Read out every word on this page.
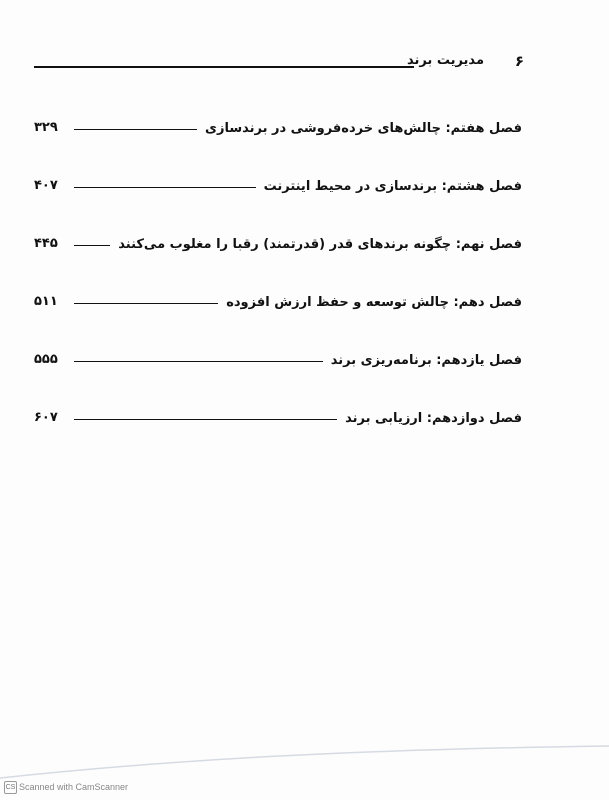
۶
مدیریت برند
فصل هفتم: چالش‌های خرده‌فروشی در برندسازی
۳۲۹
فصل هشتم: برندسازی در محیط اینترنت
۴۰۷
فصل نهم: چگونه برندهای قدر (قدرتمند) رقبا را مغلوب می‌کنند
۴۴۵
فصل دهم: چالش توسعه و حفظ ارزش افزوده
۵۱۱
فصل یازدهم: برنامه‌ریزی برند
۵۵۵
فصل دوازدهم: ارزیابی برند
۶۰۷
CS Scanned with CamScanner
